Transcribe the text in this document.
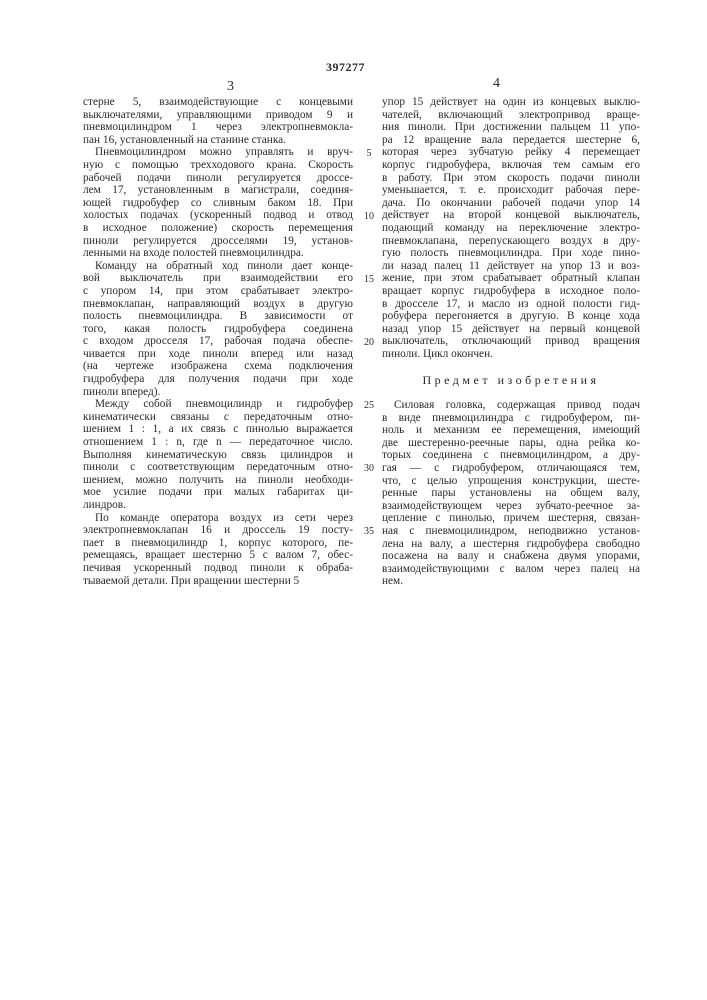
397277
3	4
стерне 5, взаимодействующие с концевыми
выключателями, управляющими приводом 9 и
пневмоцилиндром 1 через электропневмокла-
пан 16, установленный на станине станка.
Пневмоцилиндром можно управлять и вруч-
ную с помощью трехходового крана. Скорость
рабочей подачи пиноли регулируется дроссе-
лем 17, установленным в магистрали, соединя-
ющей гидробуфер со сливным баком 18. При
холостых подачах (ускоренный подвод и отвод
в исходное положение) скорость перемещения
пиноли регулируется дросселями 19, установ-
ленными на входе полостей пневмоцилиндра.
Команду на обратный ход пиноли дает конце-
вой выключатель при взаимодействии его
с упором 14, при этом срабатывает электро-
пневмоклапан, направляющий воздух в другую
полость пневмоцилиндра. В зависимости от
того, какая полость гидробуфера соединена
с входом дросселя 17, рабочая подача обеспе-
чивается при ходе пиноли вперед или назад
(на чертеже изображена схема подключения
гидробуфера для получения подачи при ходе
пиноли вперед).
Между собой пневмоцилиндр и гидробуфер
кинематически связаны с передаточным отно-
шением 1 : 1, а их связь с пинолью выражается
отношением 1 : n, где n — передаточное число.
Выполняя кинематическую связь цилиндров и
пиноли с соответствующим передаточным отно-
шением, можно получить на пиноли необходи-
мое усилие подачи при малых габаритах ци-
линдров.
По команде оператора воздух из сети через
электропневмоклапан 16 и дроссель 19 посту-
пает в пневмоцилиндр 1, корпус которого, пе-
ремещаясь, вращает шестерню 5 с валом 7, обес-
печивая ускоренный подвод пиноли к обраба-
тываемой детали. При вращении шестерни 5
упор 15 действует на один из концевых выклю-
чателей, включающий электропривод враще-
ния пиноли. При достижении пальцем 11 упо-
ра 12 вращение вала передается шестерне 6,
которая через зубчатую рейку 4 перемещает
корпус гидробуфера, включая тем самым его
в работу. При этом скорость подачи пиноли
уменьшается, т. е. происходит рабочая пере-
дача. По окончании рабочей подачи упор 14
действует на второй концевой выключатель,
подающий команду на переключение электро-
пневмоклапана, перепускающего воздух в дру-
гую полость пневмоцилиндра. При ходе пино-
ли назад палец 11 действует на упор 13 и воз-
жение, при этом срабатывает обратный клапан
вращает корпус гидробуфера в исходное поло-
в дросселе 17, и масло из одной полости гид-
робуфера перегоняется в другую. В конце хода
назад упор 15 действует на первый концевой
выключатель, отключающий привод вращения
пиноли. Цикл окончен.
Предмет изобретения
Силовая головка, содержащая привод подач
в виде пневмоцилиндра с гидробуфером, пи-
ноль и механизм ее перемещения, имеющий
две шестеренно-реечные пары, одна рейка ко-
торых соединена с пневмоцилиндром, а дру-
гая — с гидробуфером, отличающаяся тем,
что, с целью упрощения конструкции, шесте-
ренные пары установлены на общем валу,
взаимодействующем через зубчато-реечное за-
цепление с пинолью, причем шестерня, связан-
ная с пневмоцилиндром, неподвижно установ-
лена на валу, а шестерня гидробуфера свободно
посажена на валу и снабжена двумя упорами,
взаимодействующими с валом через палец на
нем.
5
10
15
20
25
30
35
